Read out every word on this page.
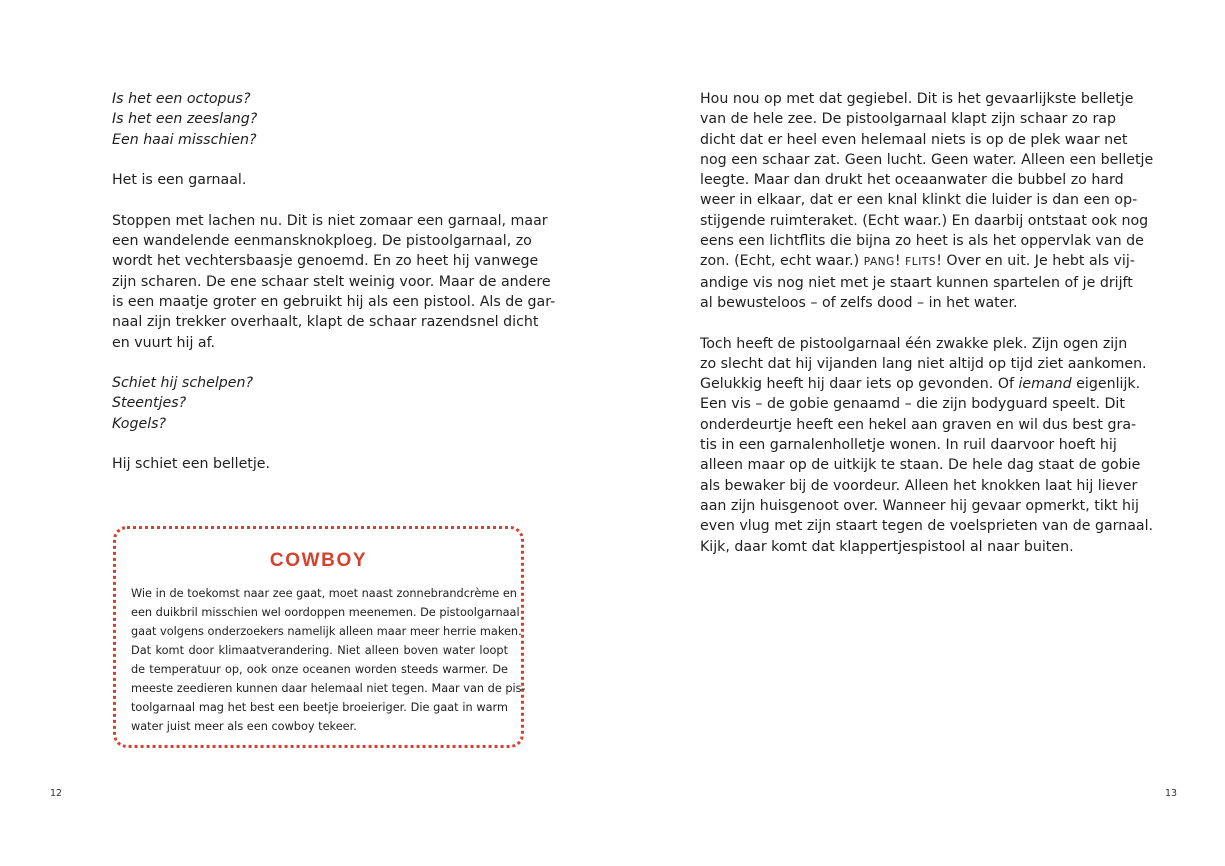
Is het een octopus?
Is het een zeeslang?
Een haai misschien?
Het is een garnaal.
Stoppen met lachen nu. Dit is niet zomaar een garnaal, maar
een wandelende eenmansknokploeg. De pistoolgarnaal, zo
wordt het vechtersbaasje genoemd. En zo heet hij vanwege
zijn scharen. De ene schaar stelt weinig voor. Maar de andere
is een maatje groter en gebruikt hij als een pistool. Als de gar-
naal zijn trekker overhaalt, klapt de schaar razendsnel dicht
en vuurt hij af.
Schiet hij schelpen?
Steentjes?
Kogels?
Hij schiet een belletje.
COWBOY
Wie in de toekomst naar zee gaat, moet naast zonnebrandcrème en
een duikbril misschien wel oordoppen meenemen. De pistoolgarnaal
gaat volgens onderzoekers namelijk alleen maar meer herrie maken.
Dat komt door klimaatverandering. Niet alleen boven water loopt
de temperatuur op, ook onze oceanen worden steeds warmer. De
meeste zeedieren kunnen daar helemaal niet tegen. Maar van de pis-
toolgarnaal mag het best een beetje broeieriger. Die gaat in warm
water juist meer als een cowboy tekeer.
Hou nou op met dat gegiebel. Dit is het gevaarlijkste belletje
van de hele zee. De pistoolgarnaal klapt zijn schaar zo rap
dicht dat er heel even helemaal niets is op de plek waar net
nog een schaar zat. Geen lucht. Geen water. Alleen een belletje
leegte. Maar dan drukt het oceaanwater die bubbel zo hard
weer in elkaar, dat er een knal klinkt die luider is dan een op-
stijgende ruimteraket. (Echt waar.) En daarbij ontstaat ook nog
eens een lichtflits die bijna zo heet is als het oppervlak van de
zon. (Echt, echt waar.) PANG! FLITS! Over en uit. Je hebt als vij-
andige vis nog niet met je staart kunnen spartelen of je drijft
al bewusteloos – of zelfs dood – in het water.
Toch heeft de pistoolgarnaal één zwakke plek. Zijn ogen zijn
zo slecht dat hij vijanden lang niet altijd op tijd ziet aankomen.
Gelukkig heeft hij daar iets op gevonden. Of iemand eigenlijk.
Een vis – de gobie genaamd – die zijn bodyguard speelt. Dit
onderdeurtje heeft een hekel aan graven en wil dus best gra-
tis in een garnalenholletje wonen. In ruil daarvoor hoeft hij
alleen maar op de uitkijk te staan. De hele dag staat de gobie
als bewaker bij de voordeur. Alleen het knokken laat hij liever
aan zijn huisgenoot over. Wanneer hij gevaar opmerkt, tikt hij
even vlug met zijn staart tegen de voelsprieten van de garnaal.
Kijk, daar komt dat klappertjespistool al naar buiten.
12	13
